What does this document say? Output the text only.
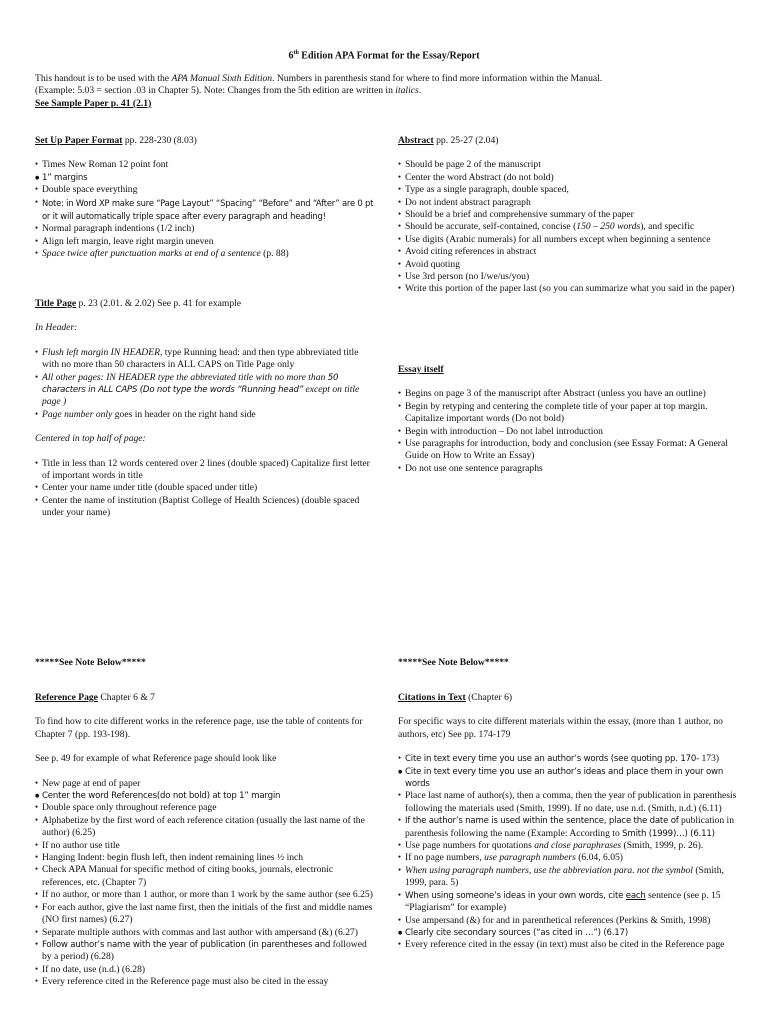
6th Edition APA Format for the Essay/Report

This handout is to be used with the APA Manual Sixth Edition. Numbers in parenthesis stand for where to find more information within the Manual.

(Example: 5.03 = section .03 in Chapter 5). Note: Changes from the 5th edition are written in italics.

See Sample Paper p. 41 (2.1)

Set Up Paper Format pp. 228-230 (8.03)

● Times New Roman 12 point font
● 1” margins
● Double space everything
● Note: in Word XP make sure “Page Layout” “Spacing” “Before” and “After” are 0 pt or it will automatically triple space after every paragraph and heading!
● Normal paragraph indentions (1/2 inch)
● Align left margin, leave right margin uneven
● Space twice after punctuation marks at end of a sentence (p. 88)

Title Page p. 23 (2.01. & 2.02) See p. 41 for example

In Header:

● Flush left margin IN HEADER, type Running head: and then type abbreviated title with no more than 50 characters in ALL CAPS on Title Page only
● All other pages: IN HEADER type the abbreviated title with no more than 50 characters in ALL CAPS (Do not type the words “Running head” except on title page )
● Page number only goes in header on the right hand side

Centered in top half of page:

● Title in less than 12 words centered over 2 lines (double spaced) Capitalize first letter of important words in title
● Center your name under title (double spaced under title)
● Center the name of institution (Baptist College of Health Sciences) (double spaced under your name)
*****See Note Below*****

Reference Page Chapter 6 & 7

To find how to cite different works in the reference page, use the table of contents for Chapter 7 (pp. 193-198).

See p. 49 for example of what Reference page should look like

● New page at end of paper
● Center the word References(do not bold) at top 1” margin
● Double space only throughout reference page
● Alphabetize by the first word of each reference citation (usually the last name of the author) (6.25)
● If no author use title
● Hanging Indent: begin flush left, then indent remaining lines ½ inch
● Check APA Manual for specific method of citing books, journals, electronic references, etc. (Chapter 7)
● If no author, or more than 1 author, or more than 1 work by the same author (see 6.25)
● For each author, give the last name first, then the initials of the first and middle names (NO first names) (6.27)
● Separate multiple authors with commas and last author with ampersand (&) (6.27)
● Follow author’s name with the year of publication (in parentheses and followed by a period) (6.28)
● If no date, use (n.d.) (6.28)
● Every reference cited in the Reference page must also be cited in the essay

Abstract pp. 25-27 (2.04)

● Should be page 2 of the manuscript
● Center the word Abstract (do not bold)
● Type as a single paragraph, double spaced,
● Do not indent abstract paragraph
● Should be a brief and comprehensive summary of the paper
● Should be accurate, self-contained, concise (150 – 250 words), and specific
● Use digits (Arabic numerals) for all numbers except when beginning a sentence
● Avoid citing references in abstract
● Avoid quoting
● Use 3rd person (no I/we/us/you)
● Write this portion of the paper last (so you can summarize what you said in the paper)

Essay itself

● Begins on page 3 of the manuscript after Abstract (unless you have an outline)
● Begin by retyping and centering the complete title of your paper at top margin. Capitalize important words (Do not bold)
● Begin with introduction – Do not label introduction
● Use paragraphs for introduction, body and conclusion (see Essay Format: A General Guide on How to Write an Essay)
● Do not use one sentence paragraphs
*****See Note Below*****

Citations in Text (Chapter 6)

For specific ways to cite different materials within the essay, (more than 1 author, no authors, etc) See pp. 174-179

● Cite in text every time you use an author’s words (see quoting pp. 170- 173)
● Cite in text every time you use an author’s ideas and place them in your own words
● Place last name of author(s), then a comma, then the year of publication in parenthesis following the materials used (Smith, 1999). If no date, use n.d. (Smith, n.d.) (6.11)
● If the author’s name is used within the sentence, place the date of publication in parenthesis following the name (Example: According to Smith (1999)…) (6.11)
● Use page numbers for quotations and close paraphrases (Smith, 1999, p. 26).
● If no page numbers, use paragraph numbers (6.04, 6.05)
● When using paragraph numbers, use the abbreviation para. not the symbol (Smith, 1999, para. 5)
● When using someone’s ideas in your own words, cite each sentence (see p. 15 “Plagiarism” for example)
● Use ampersand (&) for and in parenthetical references (Perkins & Smith, 1998)
● Clearly cite secondary sources (“as cited in …”) (6.17)
● Every reference cited in the essay (in text) must also be cited in the Reference page
